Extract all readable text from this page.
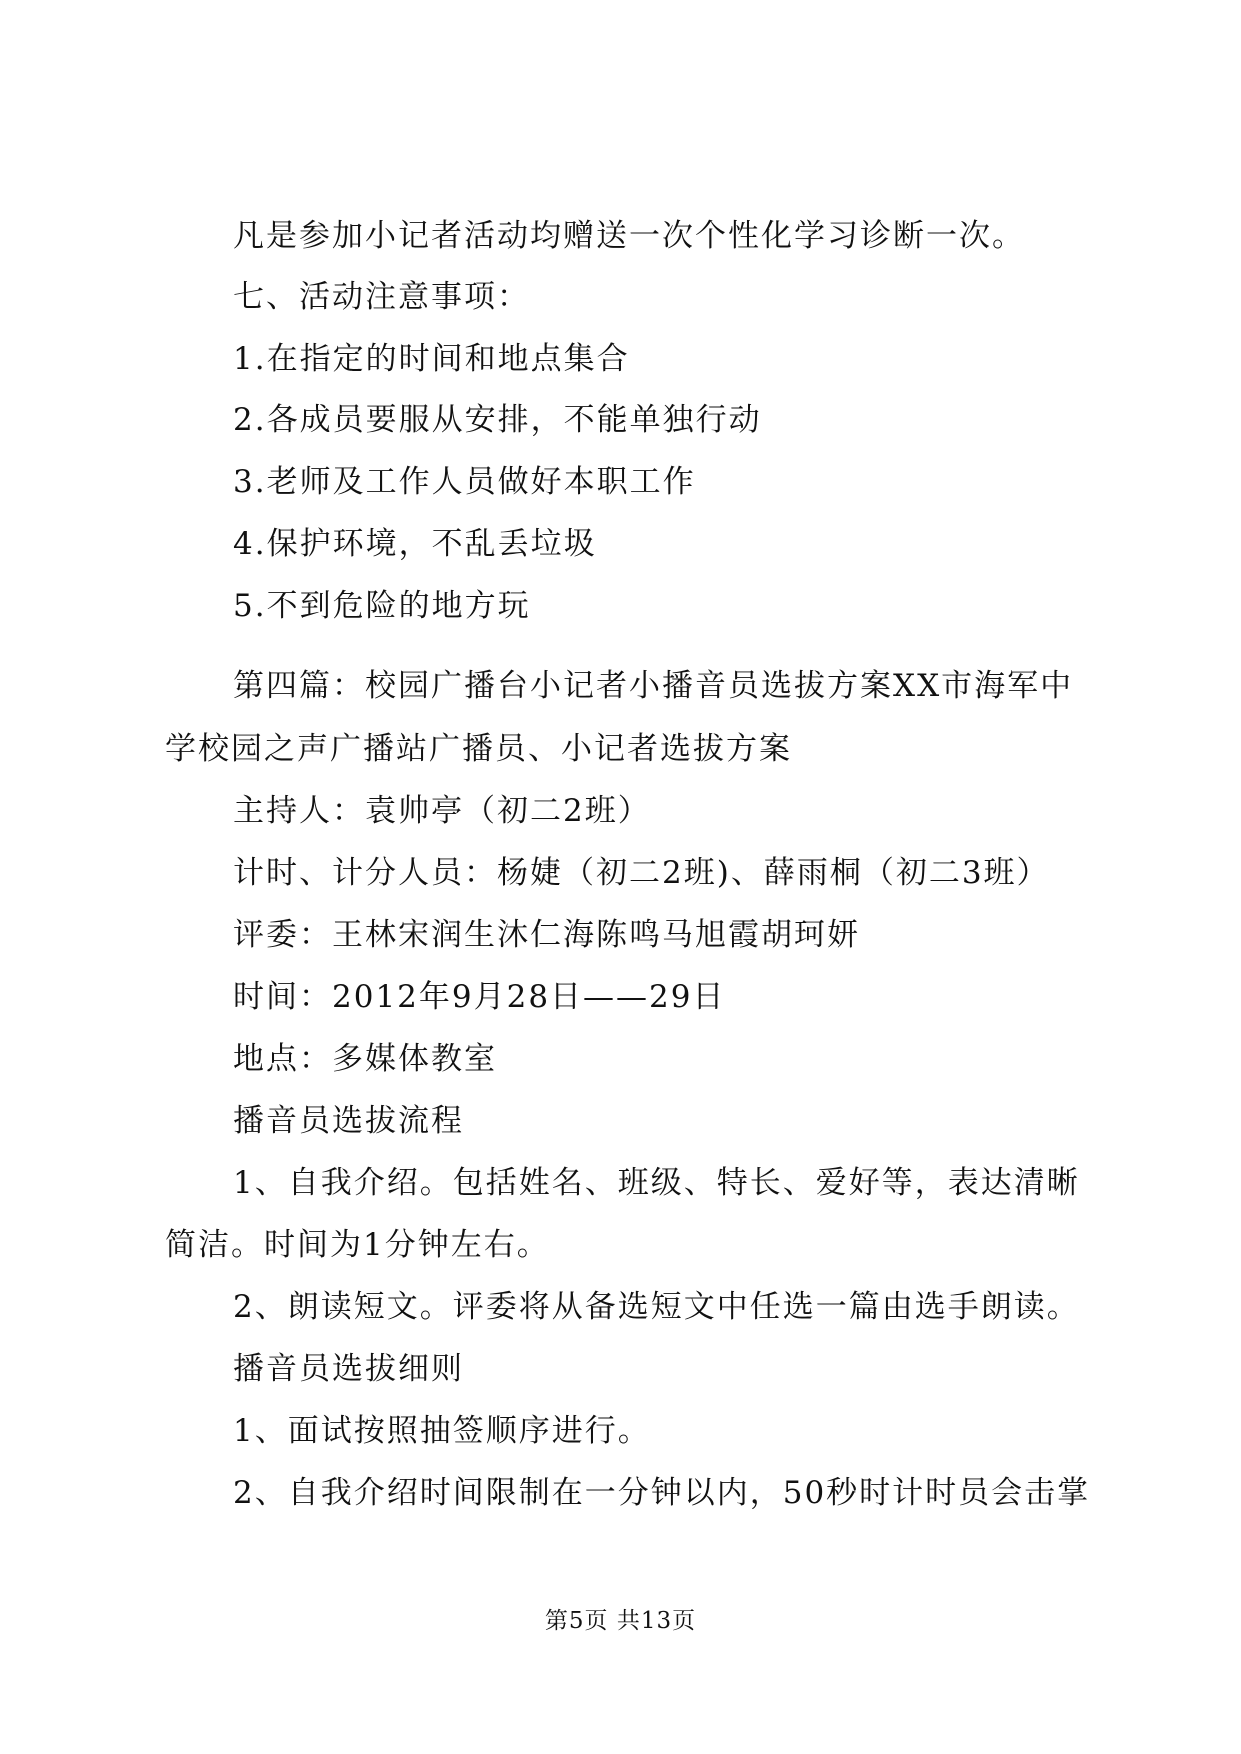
凡是参加小记者活动均赠送一次个性化学习诊断一次。
七、活动注意事项：
1.在指定的时间和地点集合
2.各成员要服从安排，不能单独行动
3.老师及工作人员做好本职工作
4.保护环境，不乱丢垃圾
5.不到危险的地方玩
第四篇：校园广播台小记者小播音员选拔方案XX市海军中
学校园之声广播站广播员、小记者选拔方案
主持人：袁帅亭（初二2班）
计时、计分人员：杨婕（初二2班)、薛雨桐（初二3班）
评委：王林宋润生沐仁海陈鸣马旭霞胡珂妍
时间：2012年9月28日——29日
地点：多媒体教室
播音员选拔流程
1、自我介绍。包括姓名、班级、特长、爱好等，表达清晰
简洁。时间为1分钟左右。
2、朗读短文。评委将从备选短文中任选一篇由选手朗读。
播音员选拔细则
1、面试按照抽签顺序进行。
2、自我介绍时间限制在一分钟以内，50秒时计时员会击掌
第5页 共13页
